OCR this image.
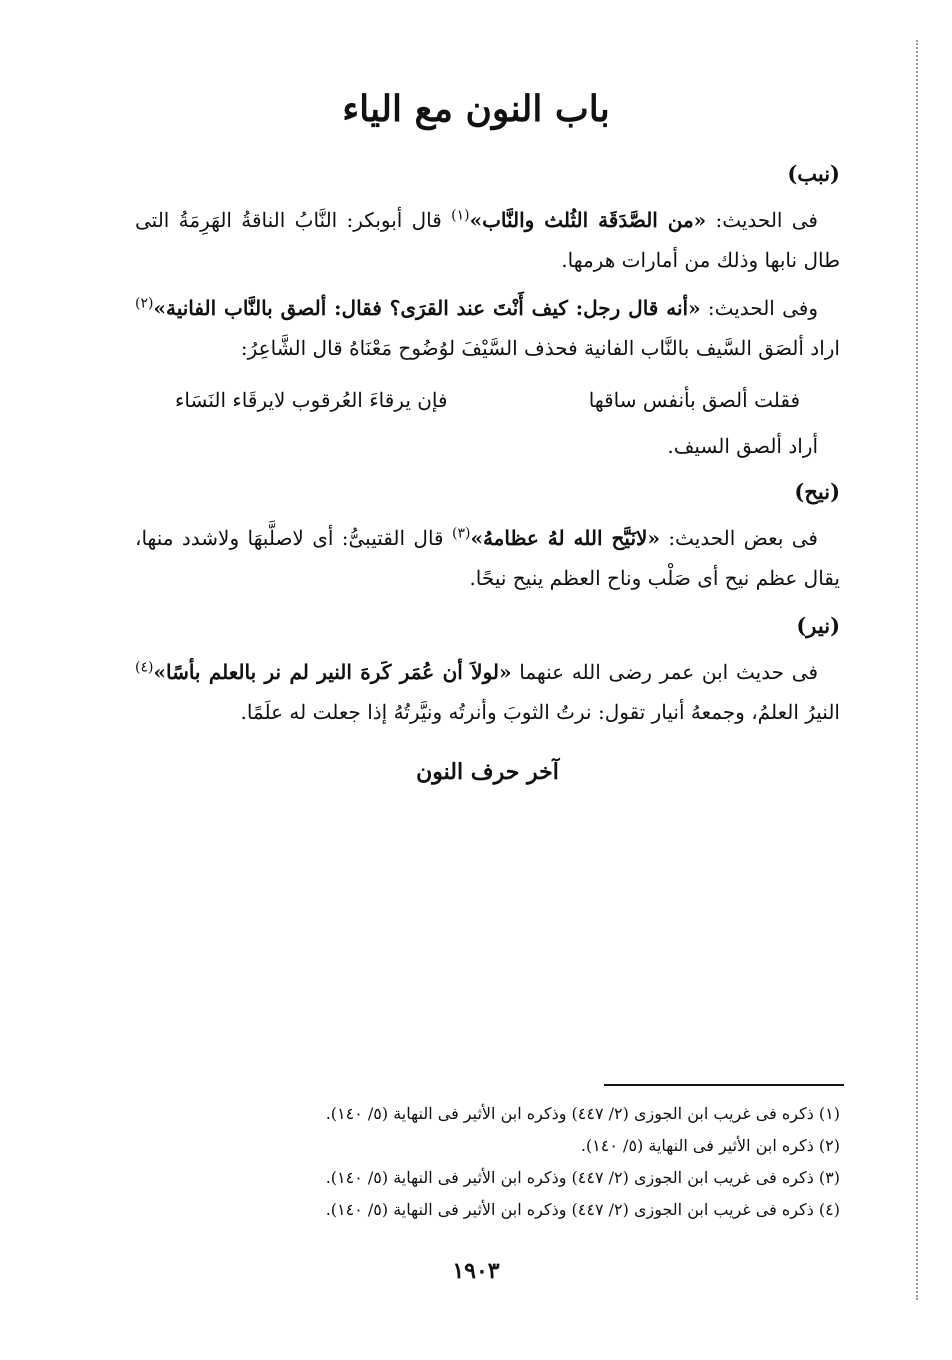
باب النون مع الياء
(نبب)

فى الحديث: «من الصَّدَقَة الثُلث والنَّاب»$^{(١)}$ قال أبوبكر: النَّابُ الناقةُ الهَرِمَةُ التى طال نابها وذلك من أمارات هرمها.

وفى الحديث: «أنه قال رجل: كيف أَنْتَ عند القرَى؟ فقال: ألصق بالنَّاب الفانية»$^{(٢)}$ اراد ألصَق السَّيف بالنَّاب الفانية فحذف السَّيْفَ لوُضُوح مَعْنَاهُ قال الشَّاعِرُ:

فقلت ألصق بأنفس ساقها
فإن يرقاءَ العُرقوب لايرقَاء النَسَاء

أراد ألصق السيف.

(نيح)

فى بعض الحديث: «لانَيَّح الله لهُ عظامهُ»$^{(٣)}$ قال القتيبىُّ: أى لاصلَّبهَا ولاشدد منها، يقال عظم نيح أى صَلْب وناح العظم ينيح نيحًا.

(نير)

فى حديث ابن عمر رضى الله عنهما «لولاَ أن عُمَر كَرهَ النير لم نر بالعلم بأسًا»$^{(٤)}$ النيرُ العلمُ، وجمعهُ أنيار تقول: نرتُ الثوبَ وأنرتُه ونيَّرتُهُ إذا جعلت له علَمًا.

آخر حرف النون
(١) ذكره فى غريب ابن الجوزى (٢/ ٤٤٧) وذكره ابن الأثير فى النهاية (٥/ ١٤٠).
(٢) ذكره ابن الأثير فى النهاية (٥/ ١٤٠).
(٣) ذكره فى غريب ابن الجوزى (٢/ ٤٤٧) وذكره ابن الأثير فى النهاية (٥/ ١٤٠).
(٤) ذكره فى غريب ابن الجوزى (٢/ ٤٤٧) وذكره ابن الأثير فى النهاية (٥/ ١٤٠).
١٩٠٣
